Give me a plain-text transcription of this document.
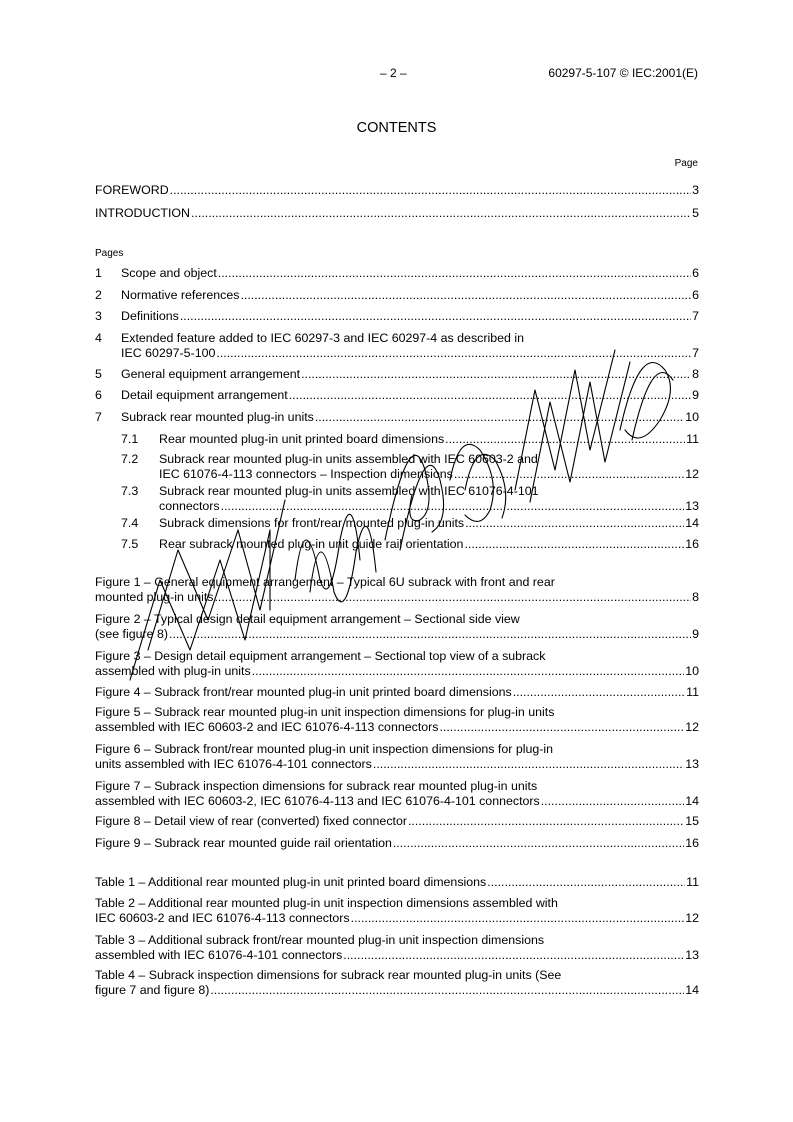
– 2 –	60297-5-107 © IEC:2001(E)
CONTENTS
Page
Pages
FOREWORD .....	3
INTRODUCTION .....	5
1	Scope and object .....	6
2	Normative references .....	6
3	Definitions .....	7
4	Extended feature added to IEC 60297-3 and IEC 60297-4 as described in
IEC 60297-5-100 .....	7
5	General equipment arrangement .....	8
6	Detail equipment arrangement .....	9
7	Subrack rear mounted plug-in units .....	10
7.1	Rear mounted plug-in unit printed board dimensions .....	11
7.2	Subrack rear mounted plug-in units assembled with IEC 60603-2 and
IEC 61076-4-113 connectors – Inspection dimensions .....	12
7.3	Subrack rear mounted plug-in units assembled with IEC 61076-4-101
connectors .....	13
7.4	Subrack dimensions for front/rear mounted plug-in units .....	14
7.5	Rear subrack mounted plug-in unit guide rail orientation .....	16
Figure 1 – General equipment arrangement – Typical 6U subrack with front and rear
mounted plug-in units .....	8
Figure 2 – Typical design detail equipment arrangement – Sectional side view
(see figure 8) .....	9
Figure 3 – Design detail equipment arrangement – Sectional top view of a subrack
assembled with plug-in units .....	10
Figure 4 – Subrack front/rear mounted plug-in unit printed board dimensions .....	11
Figure 5 – Subrack rear mounted plug-in unit inspection dimensions for plug-in units
assembled with IEC 60603-2 and IEC 61076-4-113 connectors .....	12
Figure 6 – Subrack front/rear mounted plug-in unit inspection dimensions for plug-in
units assembled with IEC 61076-4-101 connectors .....	13
Figure 7 – Subrack inspection dimensions for subrack rear mounted plug-in units
assembled with IEC 60603-2, IEC 61076-4-113 and IEC 61076-4-101 connectors .....	14
Figure 8 – Detail view of rear (converted) fixed connector .....	15
Figure 9 – Subrack rear mounted guide rail orientation .....	16
Table 1 – Additional rear mounted plug-in unit printed board dimensions .....	11
Table 2 – Additional rear mounted plug-in unit inspection dimensions assembled with
IEC 60603-2 and IEC 61076-4-113 connectors .....	12
Table 3 – Additional subrack front/rear mounted plug-in unit inspection dimensions
assembled with IEC 61076-4-101 connectors .....	13
Table 4 – Subrack inspection dimensions for subrack rear mounted plug-in units (See
figure 7 and figure 8) .....	14
